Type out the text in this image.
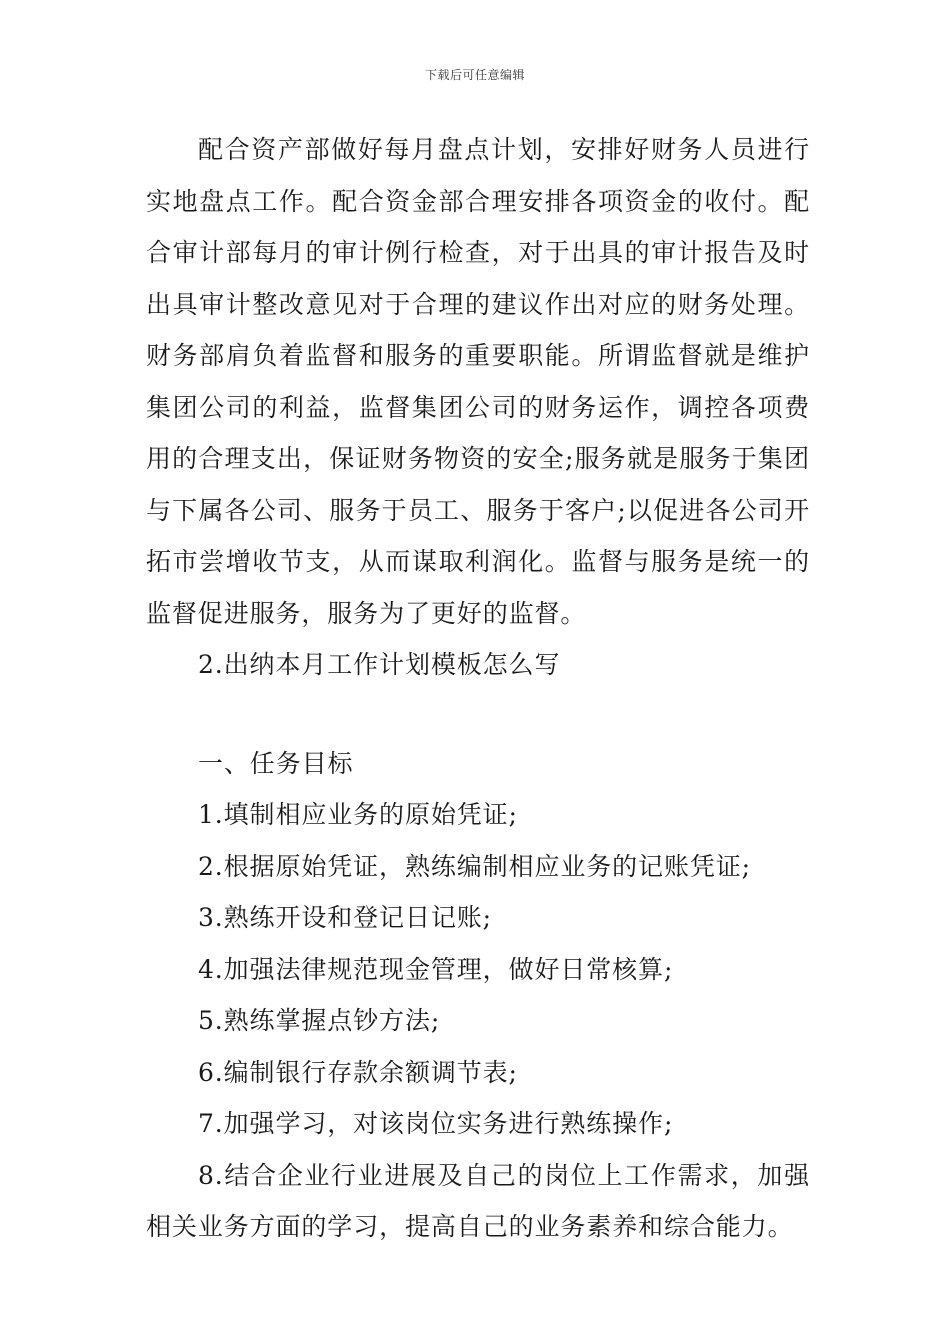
下载后可任意编辑

配合资产部做好每月盘点计划，安排好财务人员进行实地盘点工作。配合资金部合理安排各项资金的收付。配合审计部每月的审计例行检查，对于出具的审计报告及时出具审计整改意见对于合理的建议作出对应的财务处理。财务部肩负着监督和服务的重要职能。所谓监督就是维护集团公司的利益，监督集团公司的财务运作，调控各项费用的合理支出，保证财务物资的安全;服务就是服务于集团与下属各公司、服务于员工、服务于客户;以促进各公司开拓市尝增收节支，从而谋取利润化。监督与服务是统一的监督促进服务，服务为了更好的监督。

2.出纳本月工作计划模板怎么写

一、任务目标

1.填制相应业务的原始凭证;

2.根据原始凭证，熟练编制相应业务的记账凭证;

3.熟练开设和登记日记账;

4.加强法律规范现金管理，做好日常核算;

5.熟练掌握点钞方法;

6.编制银行存款余额调节表;

7.加强学习，对该岗位实务进行熟练操作;

8.结合企业行业进展及自己的岗位上工作需求，加强相关业务方面的学习，提高自己的业务素养和综合能力。
